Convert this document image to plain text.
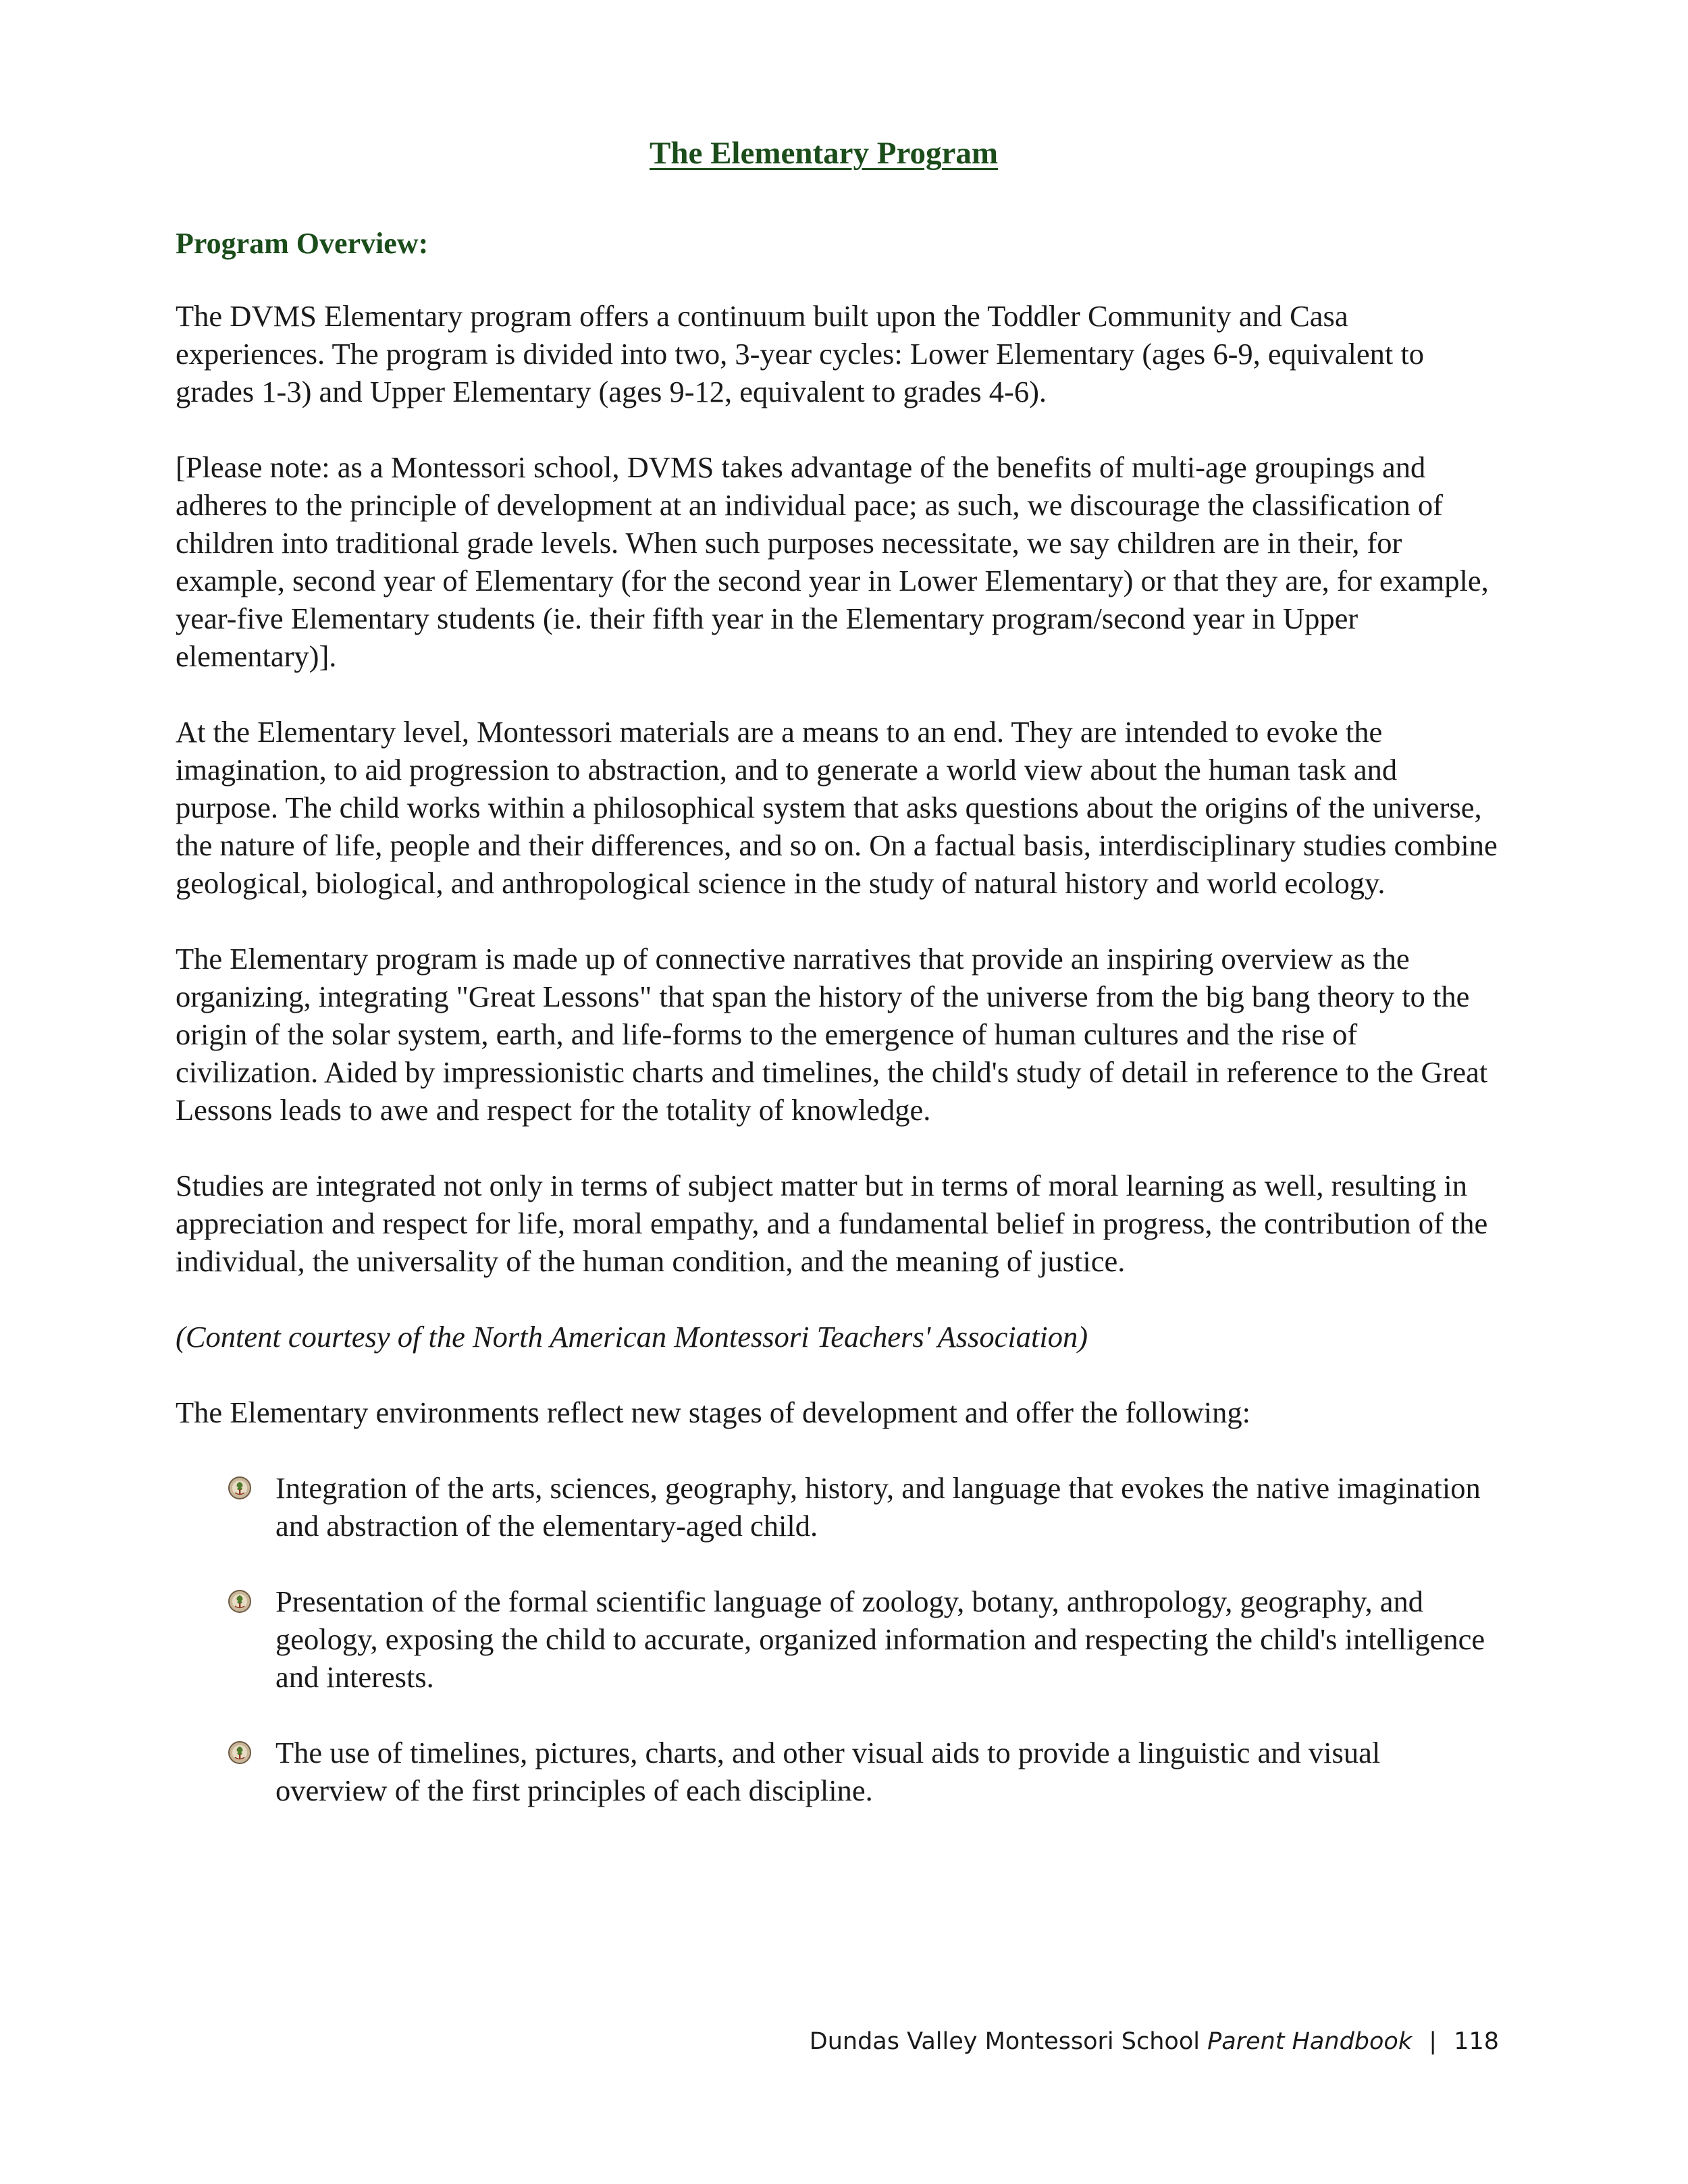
The Elementary Program
Program Overview:

The DVMS Elementary program offers a continuum built upon the Toddler Community and Casa experiences. The program is divided into two, 3-year cycles: Lower Elementary (ages 6-9, equivalent to grades 1-3) and Upper Elementary (ages 9-12, equivalent to grades 4-6).

[Please note: as a Montessori school, DVMS takes advantage of the benefits of multi-age groupings and adheres to the principle of development at an individual pace; as such, we discourage the classification of children into traditional grade levels. When such purposes necessitate, we say children are in their, for example, second year of Elementary (for the second year in Lower Elementary) or that they are, for example, year-five Elementary students (ie. their fifth year in the Elementary program/second year in Upper elementary)].

At the Elementary level, Montessori materials are a means to an end. They are intended to evoke the imagination, to aid progression to abstraction, and to generate a world view about the human task and purpose. The child works within a philosophical system that asks questions about the origins of the universe, the nature of life, people and their differences, and so on. On a factual basis, interdisciplinary studies combine geological, biological, and anthropological science in the study of natural history and world ecology.

The Elementary program is made up of connective narratives that provide an inspiring overview as the organizing, integrating "Great Lessons" that span the history of the universe from the big bang theory to the origin of the solar system, earth, and life-forms to the emergence of human cultures and the rise of civilization. Aided by impressionistic charts and timelines, the child's study of detail in reference to the Great Lessons leads to awe and respect for the totality of knowledge.

Studies are integrated not only in terms of subject matter but in terms of moral learning as well, resulting in appreciation and respect for life, moral empathy, and a fundamental belief in progress, the contribution of the individual, the universality of the human condition, and the meaning of justice.

(Content courtesy of the North American Montessori Teachers' Association)

The Elementary environments reflect new stages of development and offer the following:

Integration of the arts, sciences, geography, history, and language that evokes the native imagination and abstraction of the elementary-aged child.
Presentation of the formal scientific language of zoology, botany, anthropology, geography, and geology, exposing the child to accurate, organized information and respecting the child's intelligence and interests.
The use of timelines, pictures, charts, and other visual aids to provide a linguistic and visual overview of the first principles of each discipline.
Dundas Valley Montessori School Parent Handbook | 118
